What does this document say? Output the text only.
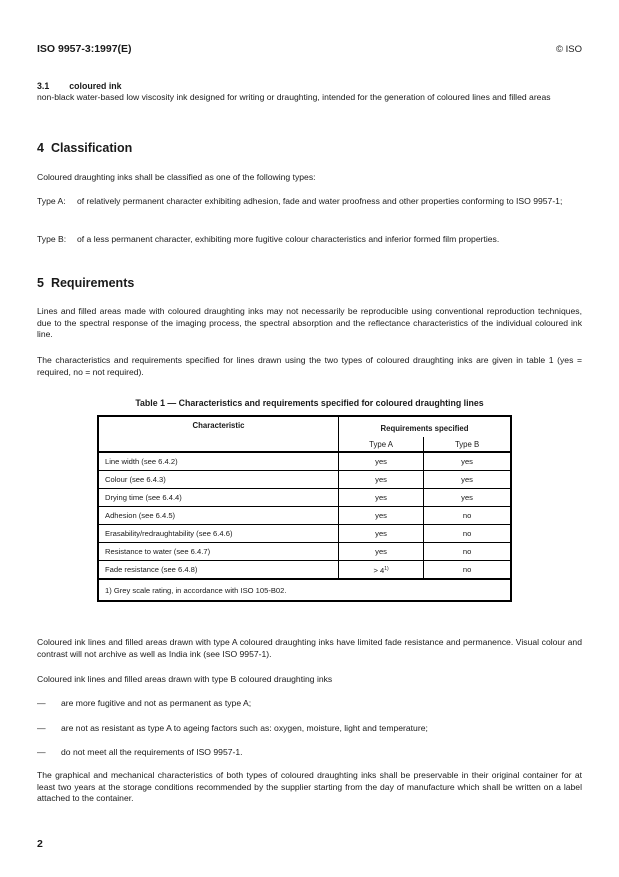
ISO 9957-3:1997(E)	© ISO
3.1 coloured ink
non-black water-based low viscosity ink designed for writing or draughting, intended for the generation of coloured lines and filled areas
4 Classification
Coloured draughting inks shall be classified as one of the following types:
Type A:	of relatively permanent character exhibiting adhesion, fade and water proofness and other properties conforming to ISO 9957-1;
Type B:	of a less permanent character, exhibiting more fugitive colour characteristics and inferior formed film properties.
5 Requirements
Lines and filled areas made with coloured draughting inks may not necessarily be reproducible using conventional reproduction techniques, due to the spectral response of the imaging process, the spectral absorption and the reflectance characteristics of the individual coloured ink line.
The characteristics and requirements specified for lines drawn using the two types of coloured draughting inks are given in table 1 (yes = required, no = not required).
Table 1 — Characteristics and requirements specified for coloured draughting lines
Characteristic	Requirements specified	
	Type A	Type B
Line width (see 6.4.2)	yes	yes
Colour (see 6.4.3)	yes	yes
Drying time (see 6.4.4)	yes	yes
Adhesion (see 6.4.5)	yes	no
Erasability/redraughtability (see 6.4.6)	yes	no
Resistance to water (see 6.4.7)	yes	no
Fade resistance (see 6.4.8)	> $4^{1)}$	no
1) Grey scale rating, in accordance with ISO 105-B02.		
Coloured ink lines and filled areas drawn with type A coloured draughting inks have limited fade resistance and permanence. Visual colour and contrast will not archive as well as India ink (see ISO 9957-1).
Coloured ink lines and filled areas drawn with type B coloured draughting inks
—	are more fugitive and not as permanent as type A;
—	are not as resistant as type A to ageing factors such as: oxygen, moisture, light and temperature;
—	do not meet all the requirements of ISO 9957-1.
The graphical and mechanical characteristics of both types of coloured draughting inks shall be preservable in their original container for at least two years at the storage conditions recommended by the supplier starting from the day of manufacture which shall be written on a label attached to the container.
2
